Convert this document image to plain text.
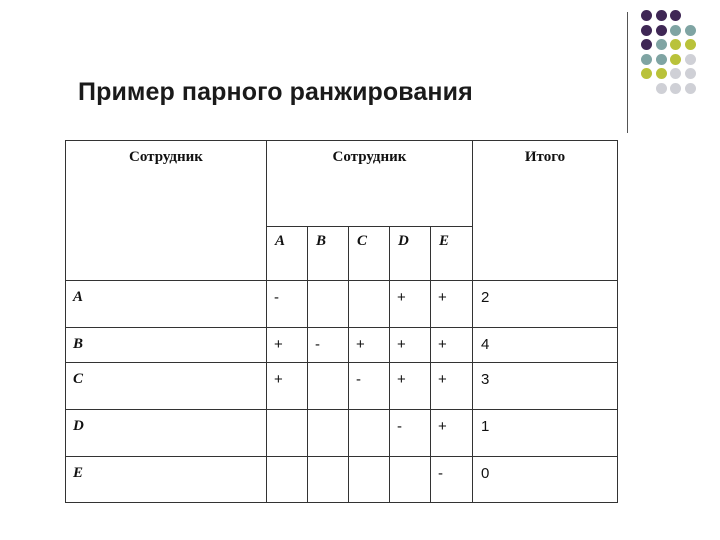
Пример парного ранжирования
Сотрудник	Сотрудник					Итого
	A	B	C	D	E	
A	-			+	+	2
B	+	-	+	+	+	4
C	+		-	+	+	3
D				-	+	1
E					-	0
